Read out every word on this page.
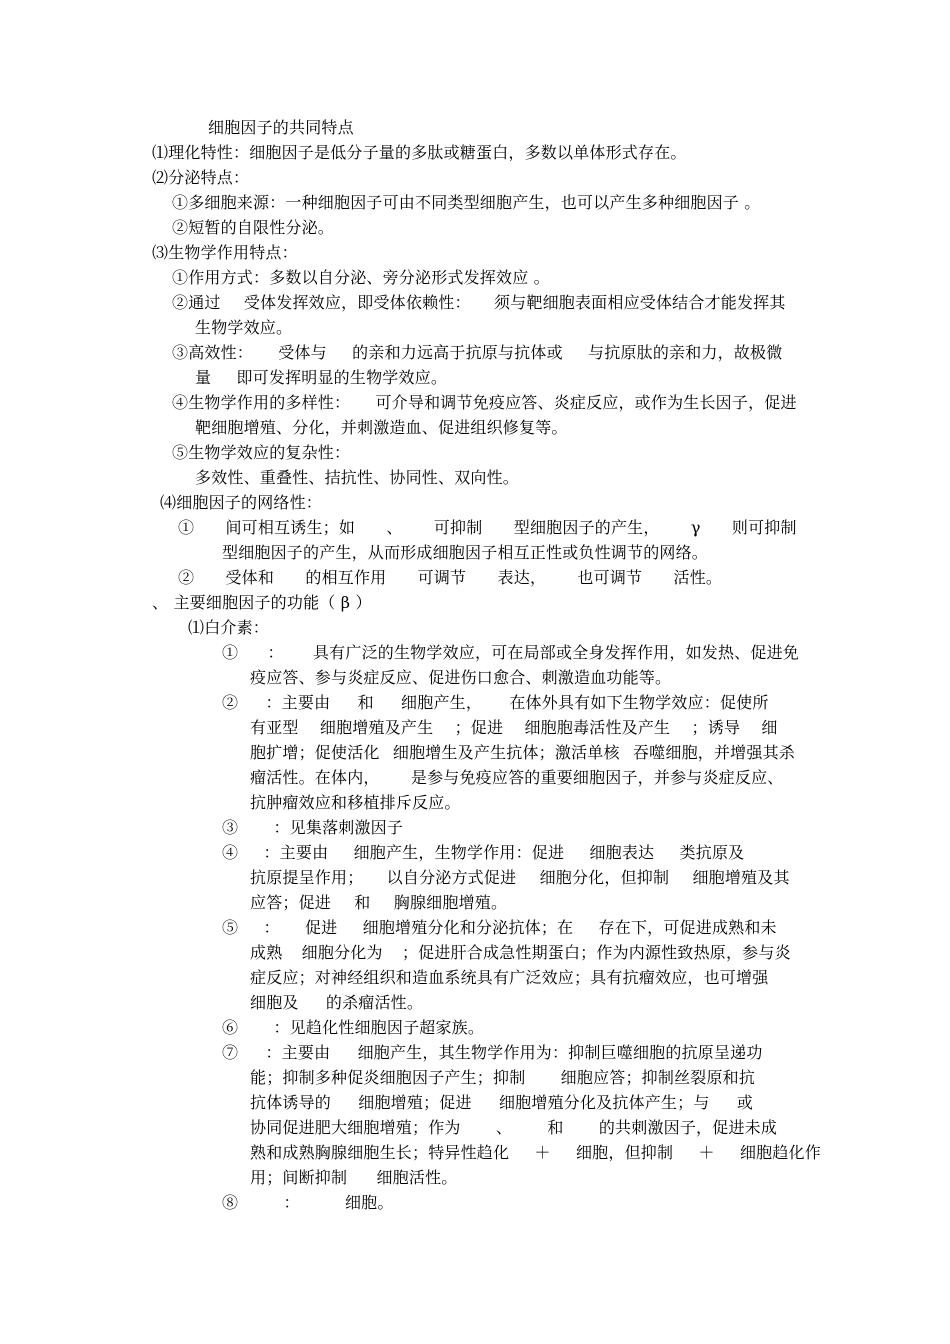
细胞因子的共同特点
⑴理化特性：细胞因子是低分子量的多肽或糖蛋白，多数以单体形式存在。
⑵分泌特点：
①多细胞来源：一种细胞因子可由不同类型细胞产生，也可以产生多种细胞因子 。
②短暂的自限性分泌。
⑶生物学作用特点：
①作用方式：多数以自分泌、旁分泌形式发挥效应 。
②通过 受体发挥效应，即受体依赖性： 须与靶细胞表面相应受体结合才能发挥其
生物学效应。
③高效性： 受体与 的亲和力远高于抗原与抗体或 与抗原肽的亲和力，故极微
量 即可发挥明显的生物学效应。
④生物学作用的多样性： 可介导和调节免疫应答、炎症反应，或作为生长因子，促进
靶细胞增殖、分化，并刺激造血、促进组织修复等。
⑤生物学效应的复杂性：
多效性、重叠性、拮抗性、协同性、双向性。
⑷细胞因子的网络性：
① 间可相互诱生；如 、 可抑制 型细胞因子的产生， γ 则可抑制
型细胞因子的产生，从而形成细胞因子相互正性或负性调节的网络。
② 受体和 的相互作用 可调节 表达， 也可调节 活性。
、 主要细胞因子的功能（ β ）
⑴白介素：
① ： 具有广泛的生物学效应，可在局部或全身发挥作用，如发热、促进免
疫应答、参与炎症反应、促进伤口愈合、刺激造血功能等。
② ：主要由 和 细胞产生， 在体外具有如下生物学效应：促使所
有亚型 细胞增殖及产生 ；促进 细胞胞毒活性及产生 ；诱导 细
胞扩增；促使活化 细胞增生及产生抗体；激活单核 吞噬细胞，并增强其杀
瘤活性。在体内， 是参与免疫应答的重要细胞因子，并参与炎症反应、
抗肿瘤效应和移植排斥反应。
③ ：见集落刺激因子
④ ：主要由 细胞产生，生物学作用：促进 细胞表达 类抗原及
抗原提呈作用； 以自分泌方式促进 细胞分化，但抑制 细胞增殖及其
应答；促进 和 胸腺细胞增殖。
⑤ ： 促进 细胞增殖分化和分泌抗体；在 存在下，可促进成熟和未
成熟 细胞分化为 ；促进肝合成急性期蛋白；作为内源性致热原，参与炎
症反应；对神经组织和造血系统具有广泛效应；具有抗瘤效应，也可增强
细胞及 的杀瘤活性。
⑥ ：见趋化性细胞因子超家族。
⑦ ：主要由 细胞产生，其生物学作用为：抑制巨噬细胞的抗原呈递功
能；抑制多种促炎细胞因子产生；抑制 细胞应答；抑制丝裂原和抗
抗体诱导的 细胞增殖；促进 细胞增殖分化及抗体产生；与 或
协同促进肥大细胞增殖；作为 、 和 的共刺激因子，促进未成
熟和成熟胸腺细胞生长；特异性趋化 ＋ 细胞，但抑制 ＋ 细胞趋化作
用；间断抑制 细胞活性。
⑧ ： 细胞。
